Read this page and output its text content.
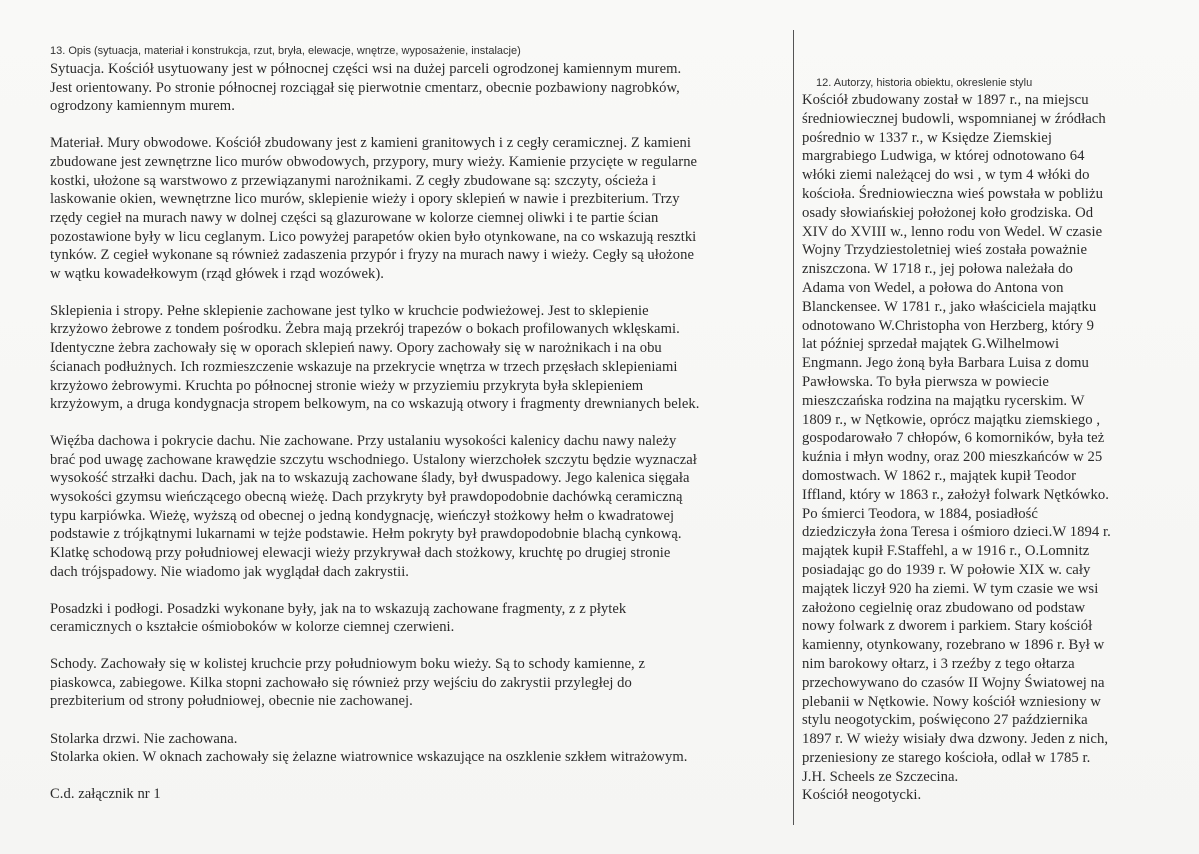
13. Opis (sytuacja, materiał i konstrukcja, rzut, bryła, elewacje, wnętrze, wyposażenie, instalacje)

Sytuacja. Kościół usytuowany jest w północnej części wsi na dużej parceli ogrodzonej kamiennym murem.
Jest orientowany. Po stronie północnej rozciągał się pierwotnie cmentarz, obecnie pozbawiony nagrobków,
ogrodzony kamiennym murem.

Materiał. Mury obwodowe. Kościół zbudowany jest z kamieni granitowych i z cegły ceramicznej. Z kamieni
zbudowane jest zewnętrzne lico murów obwodowych, przypory, mury wieży. Kamienie przycięte w regularne
kostki, ułożone są warstwowo z przewiązanymi narożnikami. Z cegły zbudowane są: szczyty, ościeża i
laskowanie okien, wewnętrzne lico murów, sklepienie wieży i opory sklepień w nawie i prezbiterium. Trzy
rzędy cegieł na murach nawy w dolnej części są glazurowane w kolorze ciemnej oliwki i te partie ścian
pozostawione były w licu ceglanym. Lico powyżej parapetów okien było otynkowane, na co wskazują resztki
tynków. Z cegieł wykonane są również zadaszenia przypór i fryzy na murach nawy i wieży. Cegły są ułożone
w wątku kowadełkowym (rząd główek i rząd wozówek).

Sklepienia i stropy. Pełne sklepienie zachowane jest tylko w kruchcie podwieżowej. Jest to sklepienie
krzyżowo żebrowe z tondem pośrodku. Żebra mają przekrój trapezów o bokach profilowanych wklęskami.
Identyczne żebra zachowały się w oporach sklepień nawy. Opory zachowały się w narożnikach i na obu
ścianach podłużnych. Ich rozmieszczenie wskazuje na przekrycie wnętrza w trzech przęsłach sklepieniami
krzyżowo żebrowymi. Kruchta po północnej stronie wieży w przyziemiu przykryta była sklepieniem
krzyżowym, a druga kondygnacja stropem belkowym, na co wskazują otwory i fragmenty drewnianych belek.

Więźba dachowa i pokrycie dachu. Nie zachowane. Przy ustalaniu wysokości kalenicy dachu nawy należy
brać pod uwagę zachowane krawędzie szczytu wschodniego. Ustalony wierzchołek szczytu będzie wyznaczał
wysokość strzałki dachu. Dach, jak na to wskazują zachowane ślady, był dwuspadowy. Jego kalenica sięgała
wysokości gzymsu wieńczącego obecną wieżę. Dach przykryty był prawdopodobnie dachówką ceramiczną
typu karpiówka. Wieżę, wyższą od obecnej o jedną kondygnację, wieńczył stożkowy hełm o kwadratowej
podstawie z trójkątnymi lukarnami w tejże podstawie. Hełm pokryty był prawdopodobnie blachą cynkową.
Klatkę schodową przy południowej elewacji wieży przykrywał dach stożkowy, kruchtę po drugiej stronie
dach trójspadowy. Nie wiadomo jak wyglądał dach zakrystii.

Posadzki i podłogi. Posadzki wykonane były, jak na to wskazują zachowane fragmenty, z z płytek
ceramicznych o kształcie ośmioboków w kolorze ciemnej czerwieni.

Schody. Zachowały się w kolistej kruchcie przy południowym boku wieży. Są to schody kamienne, z
piaskowca, zabiegowe. Kilka stopni zachowało się również przy wejściu do zakrystii przyległej do
prezbiterium od strony południowej, obecnie nie zachowanej.

Stolarka drzwi. Nie zachowana.
Stolarka okien. W oknach zachowały się żelazne wiatrownice wskazujące na oszklenie szkłem witrażowym.

C.d. załącznik nr 1

12. Autorzy, historia obiektu, okreslenie stylu

Kościół zbudowany został w 1897 r., na miejscu
średniowiecznej budowli, wspomnianej w źródłach
pośrednio w 1337 r., w Księdze Ziemskiej
margrabiego Ludwiga, w której odnotowano 64
włóki ziemi należącej do wsi , w tym 4 włóki do
kościoła. Średniowieczna wieś powstała w pobliżu
osady słowiańskiej położonej koło grodziska. Od
XIV do XVIII w., lenno rodu von Wedel. W czasie
Wojny Trzydziestoletniej wieś została poważnie
zniszczona. W 1718 r., jej połowa należała do
Adama von Wedel, a połowa do Antona von
Blanckensee. W 1781 r., jako właściciela majątku
odnotowano W.Christopha von Herzberg, który 9
lat później sprzedał majątek G.Wilhelmowi
Engmann. Jego żoną była Barbara Luisa z domu
Pawłowska. To była pierwsza w powiecie
mieszczańska rodzina na majątku rycerskim. W
1809 r., w Nętkowie, oprócz majątku ziemskiego ,
gospodarowało 7 chłopów, 6 komorników, była też
kuźnia i młyn wodny, oraz 200 mieszkańców w 25
domostwach. W 1862 r., majątek kupił Teodor
Iffland, który w 1863 r., założył folwark Nętkówko.
Po śmierci Teodora, w 1884, posiadłość
dziedziczyła żona Teresa i ośmioro dzieci.W 1894 r.
majątek kupił F.Staffehl, a w 1916 r., O.Lomnitz
posiadając go do 1939 r. W połowie XIX w. cały
majątek liczył 920 ha ziemi. W tym czasie we wsi
założono cegielnię oraz zbudowano od podstaw
nowy folwark z dworem i parkiem. Stary kościół
kamienny, otynkowany, rozebrano w 1896 r. Był w
nim barokowy ołtarz, i 3 rzeźby z tego ołtarza
przechowywano do czasów II Wojny Światowej na
plebanii w Nętkowie. Nowy kościół wzniesiony w
stylu neogotyckim, poświęcono 27 października
1897 r. W wieży wisiały dwa dzwony. Jeden z nich,
przeniesiony ze starego kościoła, odlał w 1785 r.
J.H. Scheels ze Szczecina.
Kościół neogotycki.
